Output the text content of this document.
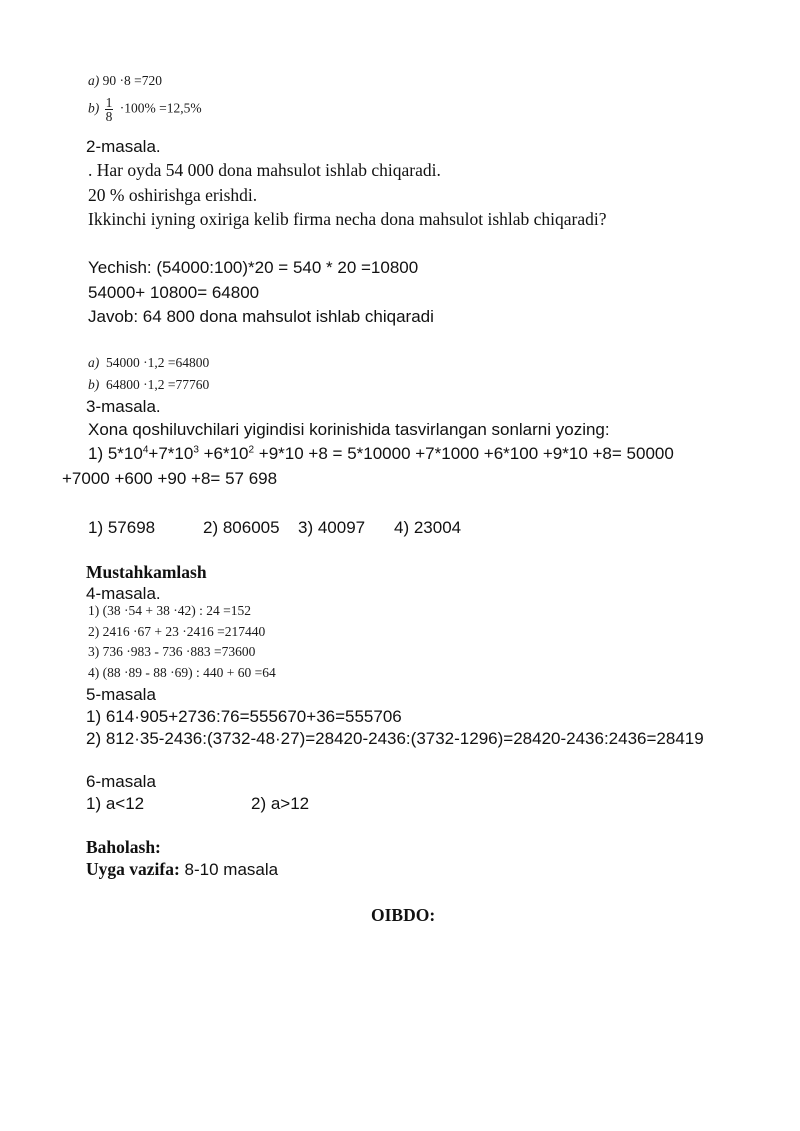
a) 90 ·8 =720
$b) \frac{1}{8} \cdot 100\% =12,5\%$
2-masala.
. Har oyda 54 000 dona mahsulot ishlab chiqaradi.
20 % oshirishga erishdi.
Ikkinchi iyning oxiriga kelib firma necha dona mahsulot ishlab chiqaradi?
Yechish: (54000:100)*20 = 540 * 20 =10800
54000+ 10800= 64800
Javob: 64 800 dona mahsulot ishlab chiqaradi
a) 54000 ·1,2 =64800
b) 64800 ·1,2 =77760
3-masala.
Xona qoshiluvchilari yigindisi korinishida tasvirlangan sonlarni yozing:
1) $5*10^4+7*10^3 +6*10^2 +9*10 +8 = 5*10000 +7*1000 +6*100 +9*10 +8= 50000$
+7000 +600 +90 +8= 57 698
1) 57698	2) 806005 3) 40097 4) 23004
Mustahkamlash
4-masala.
1) (38 ·54 + 38 ·42) : 24 =152
2) 2416 ·67 + 23 ·2416 =217440
3) 736 ·983 - 736 ·883 =73600
4) (88 ·89 - 88 ·69) : 440 + 60 =64
5-masala
1) 614·905+2736:76=555670+36=555706
2) 812·35-2436:(3732-48·27)=28420-2436:(3732-1296)=28420-2436:2436=28419
6-masala
1) a<12	2) a>12
Baholash:
Uyga vazifa: 8-10 masala
OIBDO:
